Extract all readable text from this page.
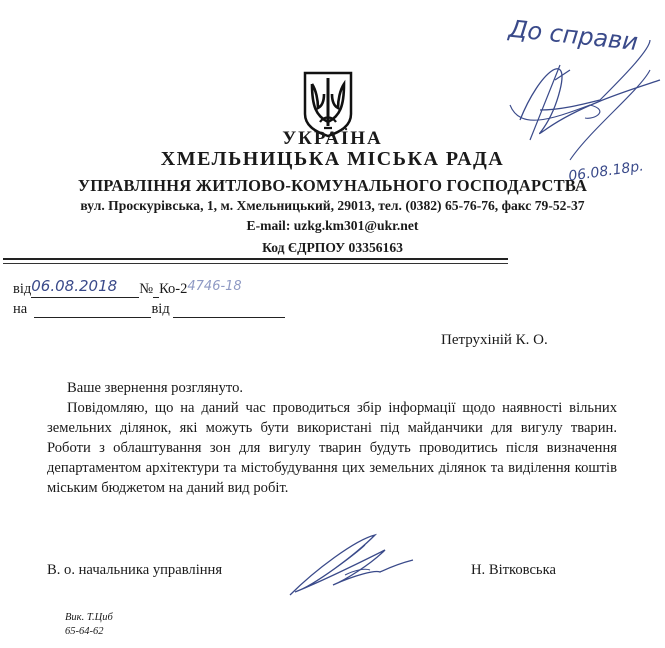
До справи
06.08.18р.
УКРАЇНА
ХМЕЛЬНИЦЬКА МІСЬКА РАДА
УПРАВЛІННЯ ЖИТЛОВО-КОМУНАЛЬНОГО ГОСПОДАРСТВА
вул. Проскурівська, 1, м. Хмельницький, 29013, тел. (0382) 65-76-76, факс 79-52-37
E-mail: uzkg.km301@ukr.net
Код ЄДРПОУ 03356163
від 06.08.2018 № Ко-2 4746-18
на	від
Петрухіній К. О.
Ваше звернення розглянуто.
Повідомляю, що на даний час проводиться збір інформації щодо наявності вільних земельних ділянок, які можуть бути використані під майданчики для вигулу тварин. Роботи з облаштування зон для вигулу тварин будуть проводитись після визначення департаментом архітектури та містобудування цих земельних ділянок та виділення коштів міським бюджетом на даний вид робіт.
В. о. начальника управління	Н. Вітковська
Вик. Т.Циб
65-64-62
